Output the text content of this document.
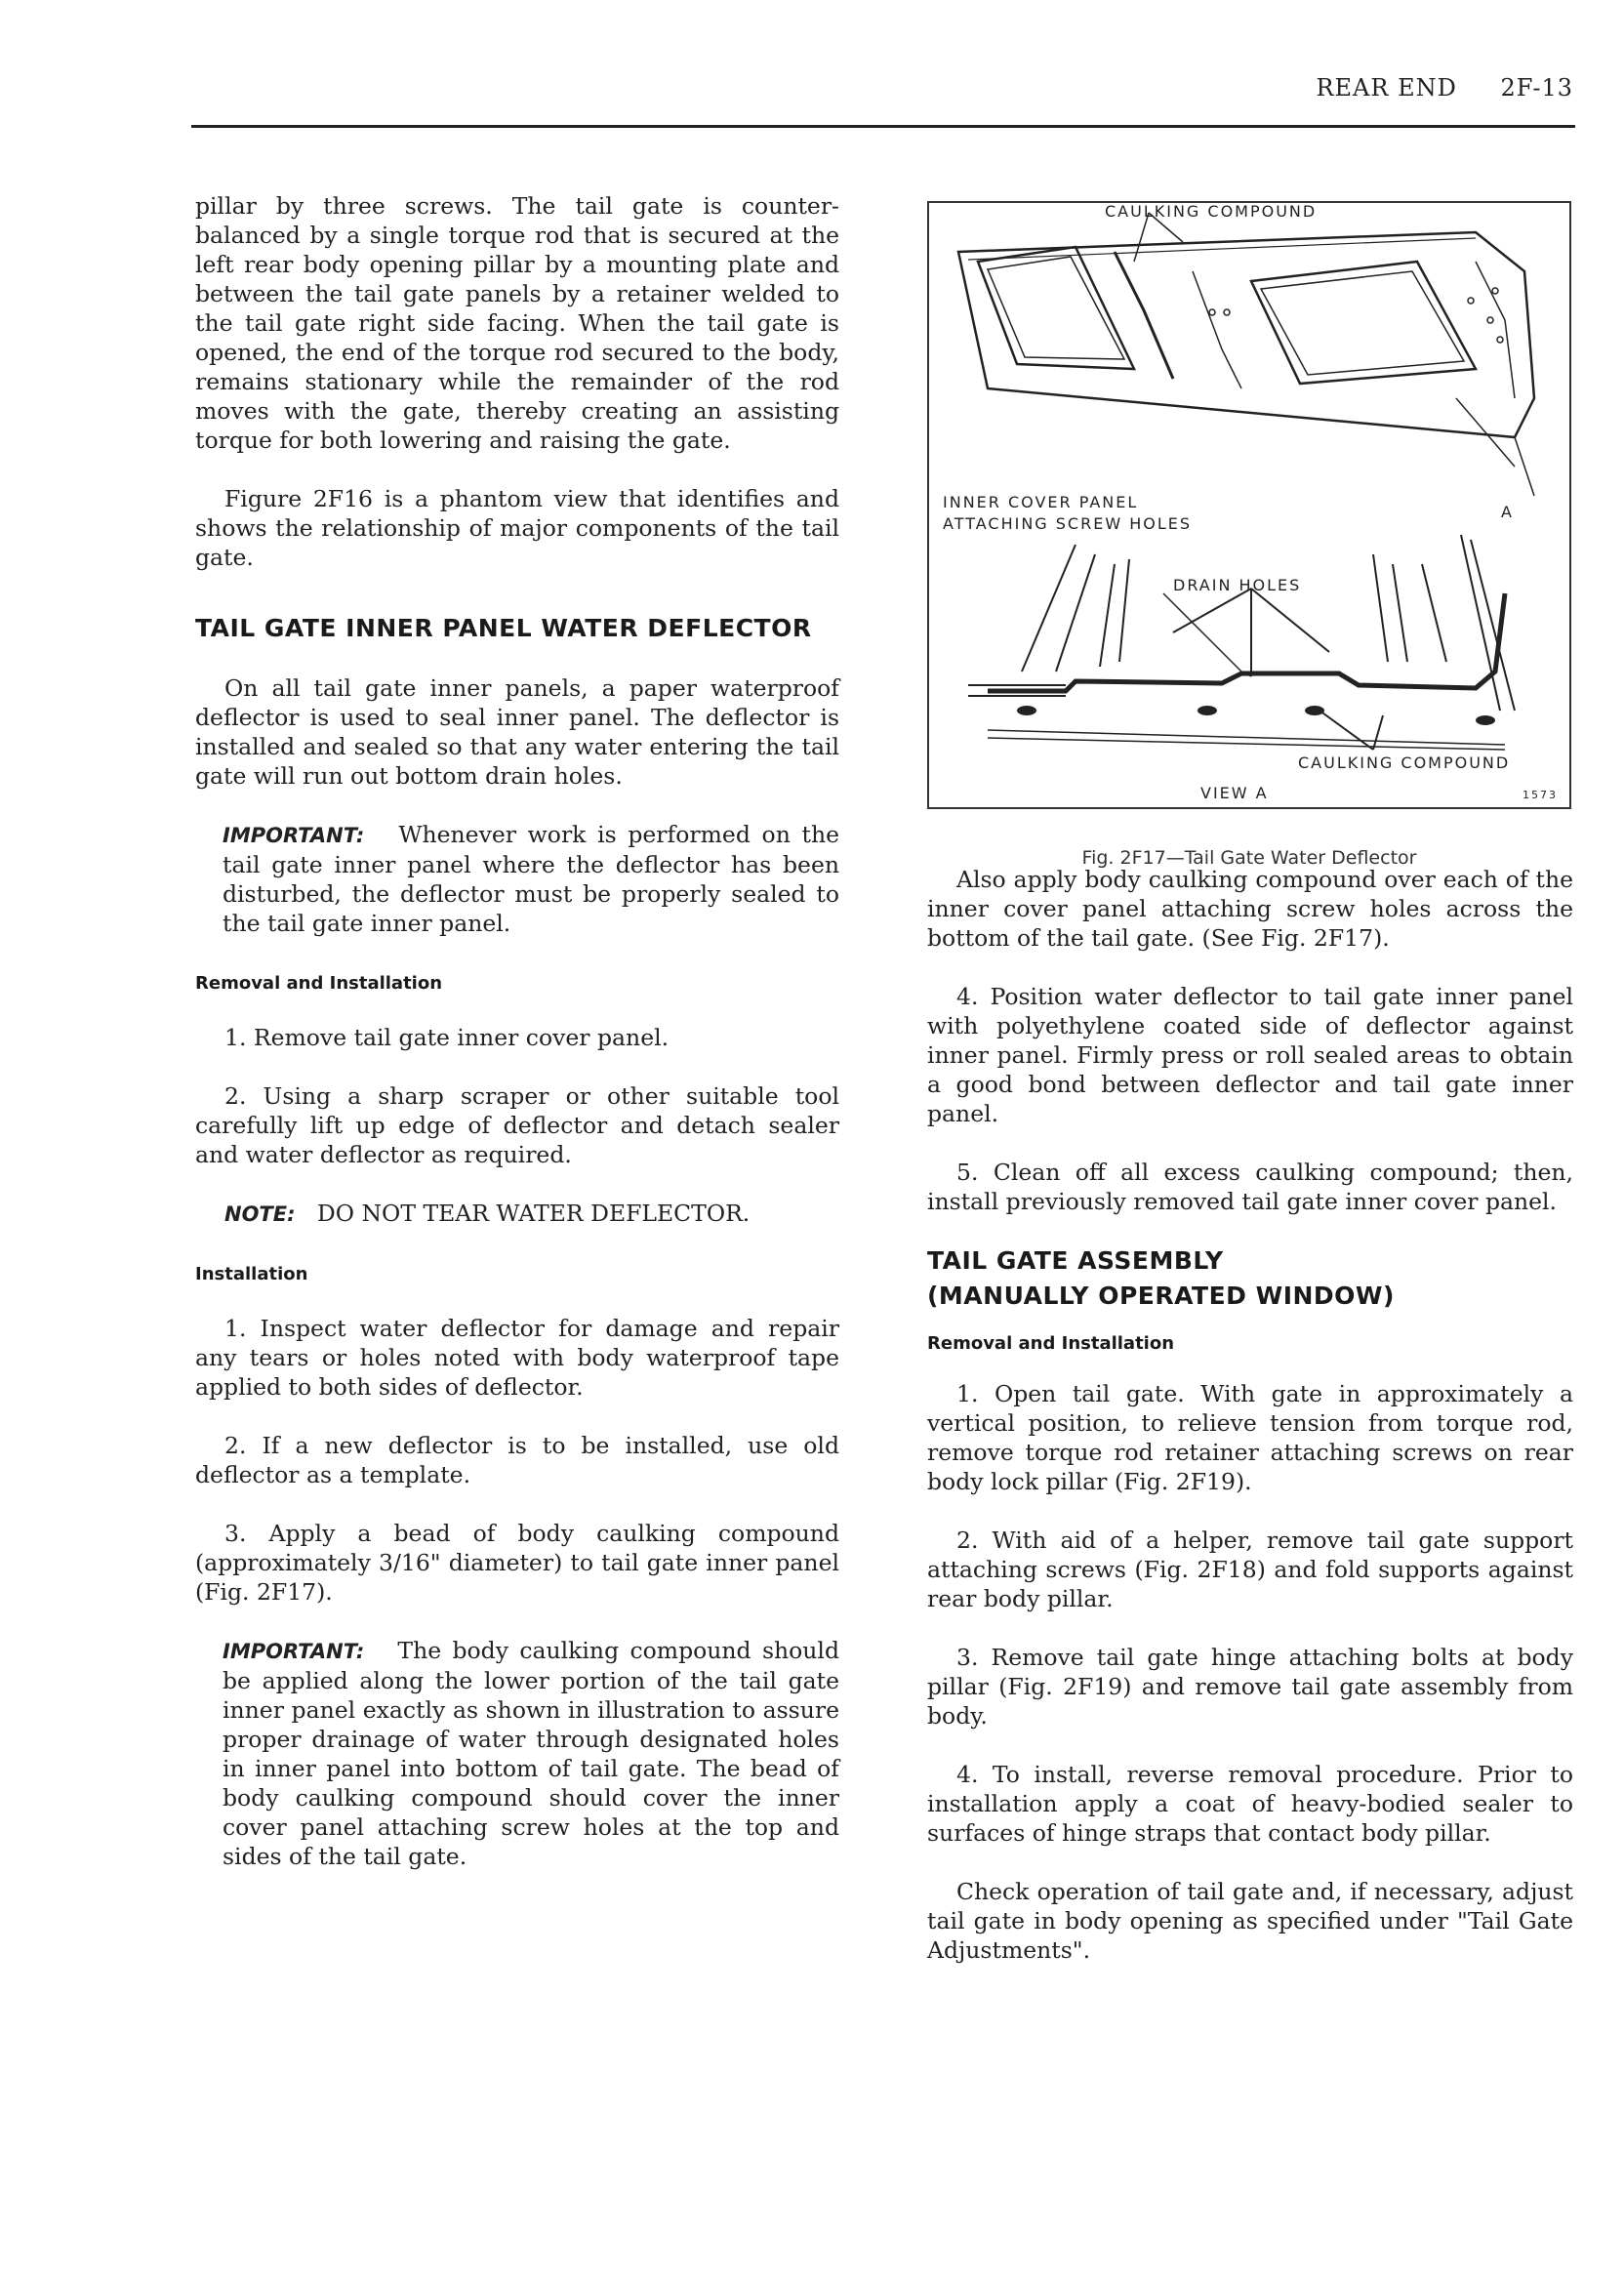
REAR END 2F-13

pillar by three screws. The tail gate is counter-balanced by a single torque rod that is secured at the left rear body opening pillar by a mounting plate and between the tail gate panels by a retainer welded to the tail gate right side facing. When the tail gate is opened, the end of the torque rod secured to the body, remains stationary while the remainder of the rod moves with the gate, thereby creating an assisting torque for both lowering and raising the gate.

Figure 2F16 is a phantom view that identifies and shows the relationship of major components of the tail gate.

TAIL GATE INNER PANEL WATER DEFLECTOR

On all tail gate inner panels, a paper waterproof deflector is used to seal inner panel. The deflector is installed and sealed so that any water entering the tail gate will run out bottom drain holes.

IMPORTANT: Whenever work is performed on the tail gate inner panel where the deflector has been disturbed, the deflector must be properly sealed to the tail gate inner panel.

Removal and Installation

1. Remove tail gate inner cover panel.

2. Using a sharp scraper or other suitable tool carefully lift up edge of deflector and detach sealer and water deflector as required.

NOTE: DO NOT TEAR WATER DEFLECTOR.

Installation

1. Inspect water deflector for damage and repair any tears or holes noted with body waterproof tape applied to both sides of deflector.

2. If a new deflector is to be installed, use old deflector as a template.

3. Apply a bead of body caulking compound (approximately 3/16" diameter) to tail gate inner panel (Fig. 2F17).

IMPORTANT: The body caulking compound should be applied along the lower portion of the tail gate inner panel exactly as shown in illustration to assure proper drainage of water through designated holes in inner panel into bottom of tail gate. The bead of body caulking compound should cover the inner cover panel attaching screw holes at the top and sides of the tail gate.

CAULKING COMPOUND
INNER COVER PANEL
ATTACHING SCREW HOLES
A
DRAIN HOLES
CAULKING COMPOUND
VIEW A	1573
Fig. 2F17—Tail Gate Water Deflector

Also apply body caulking compound over each of the inner cover panel attaching screw holes across the bottom of the tail gate. (See Fig. 2F17).

4. Position water deflector to tail gate inner panel with polyethylene coated side of deflector against inner panel. Firmly press or roll sealed areas to obtain a good bond between deflector and tail gate inner panel.

5. Clean off all excess caulking compound; then, install previously removed tail gate inner cover panel.

TAIL GATE ASSEMBLY
(MANUALLY OPERATED WINDOW)
Removal and Installation

1. Open tail gate. With gate in approximately a vertical position, to relieve tension from torque rod, remove torque rod retainer attaching screws on rear body lock pillar (Fig. 2F19).

2. With aid of a helper, remove tail gate support attaching screws (Fig. 2F18) and fold supports against rear body pillar.

3. Remove tail gate hinge attaching bolts at body pillar (Fig. 2F19) and remove tail gate assembly from body.

4. To install, reverse removal procedure. Prior to installation apply a coat of heavy-bodied sealer to surfaces of hinge straps that contact body pillar.

Check operation of tail gate and, if necessary, adjust tail gate in body opening as specified under "Tail Gate Adjustments".
